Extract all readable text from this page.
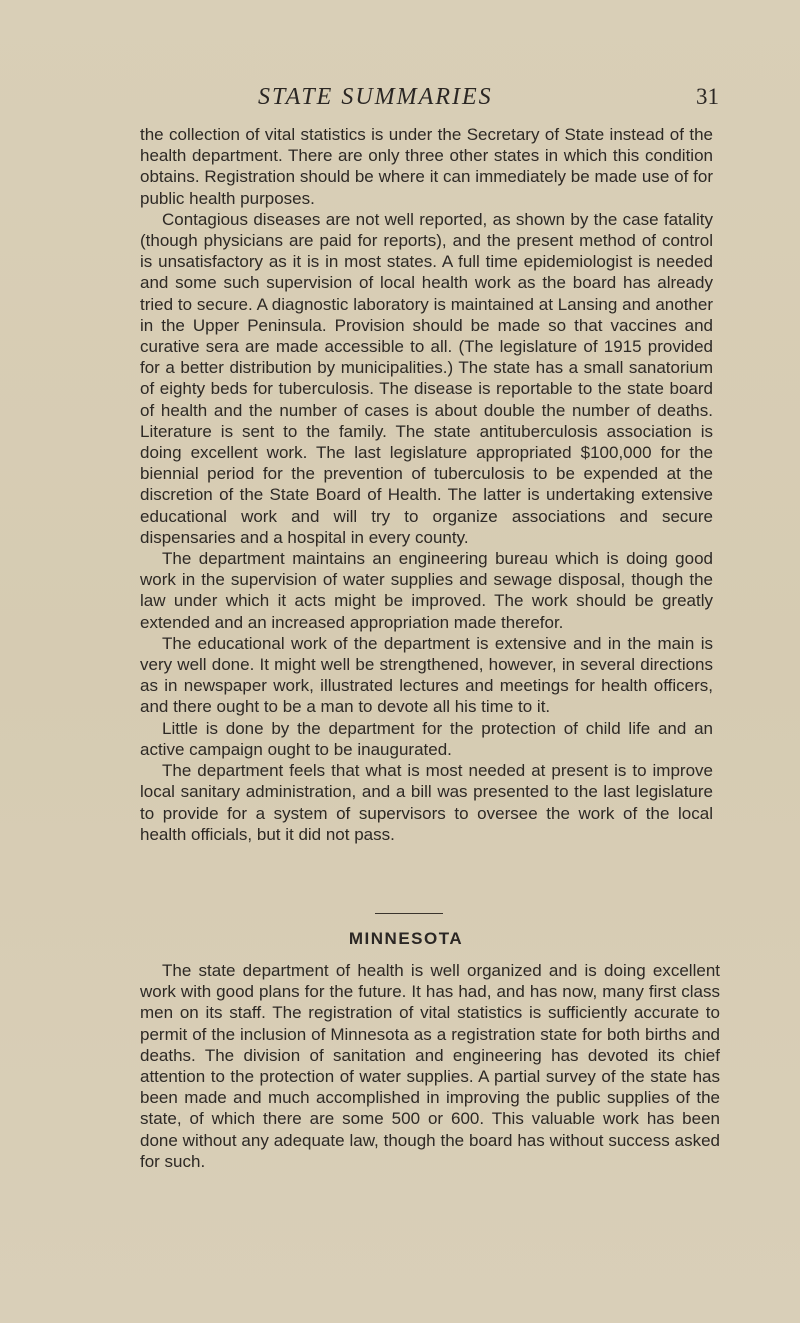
STATE SUMMARIES	31

the collection of vital statistics is under the Secretary of State instead of the health department. There are only three other states in which this condition obtains. Registration should be where it can immediately be made use of for public health purposes.

Contagious diseases are not well reported, as shown by the case fatality (though physicians are paid for reports), and the present method of control is unsatisfactory as it is in most states. A full time epidemiologist is needed and some such supervision of local health work as the board has already tried to secure. A diagnostic laboratory is maintained at Lansing and another in the Upper Peninsula. Provision should be made so that vaccines and curative sera are made accessible to all. (The legislature of 1915 provided for a better distribution by municipalities.) The state has a small sanatorium of eighty beds for tuberculosis. The disease is reportable to the state board of health and the number of cases is about double the number of deaths. Literature is sent to the family. The state antituberculosis association is doing excellent work. The last legislature appropriated $100,000 for the biennial period for the prevention of tuberculosis to be expended at the discretion of the State Board of Health. The latter is undertaking extensive educational work and will try to organize associations and secure dispensaries and a hospital in every county.

The department maintains an engineering bureau which is doing good work in the supervision of water supplies and sewage disposal, though the law under which it acts might be improved. The work should be greatly extended and an increased appropriation made therefor.

The educational work of the department is extensive and in the main is very well done. It might well be strengthened, however, in several directions as in newspaper work, illustrated lectures and meetings for health officers, and there ought to be a man to devote all his time to it.

Little is done by the department for the protection of child life and an active campaign ought to be inaugurated.

The department feels that what is most needed at present is to improve local sanitary administration, and a bill was presented to the last legislature to provide for a system of supervisors to oversee the work of the local health officials, but it did not pass.

MINNESOTA

The state department of health is well organized and is doing excellent work with good plans for the future. It has had, and has now, many first class men on its staff. The registration of vital statistics is sufficiently accurate to permit of the inclusion of Minnesota as a registration state for both births and deaths. The division of sanitation and engineering has devoted its chief attention to the protection of water supplies. A partial survey of the state has been made and much accomplished in improving the public supplies of the state, of which there are some 500 or 600. This valuable work has been done without any adequate law, though the board has without success asked for such.
